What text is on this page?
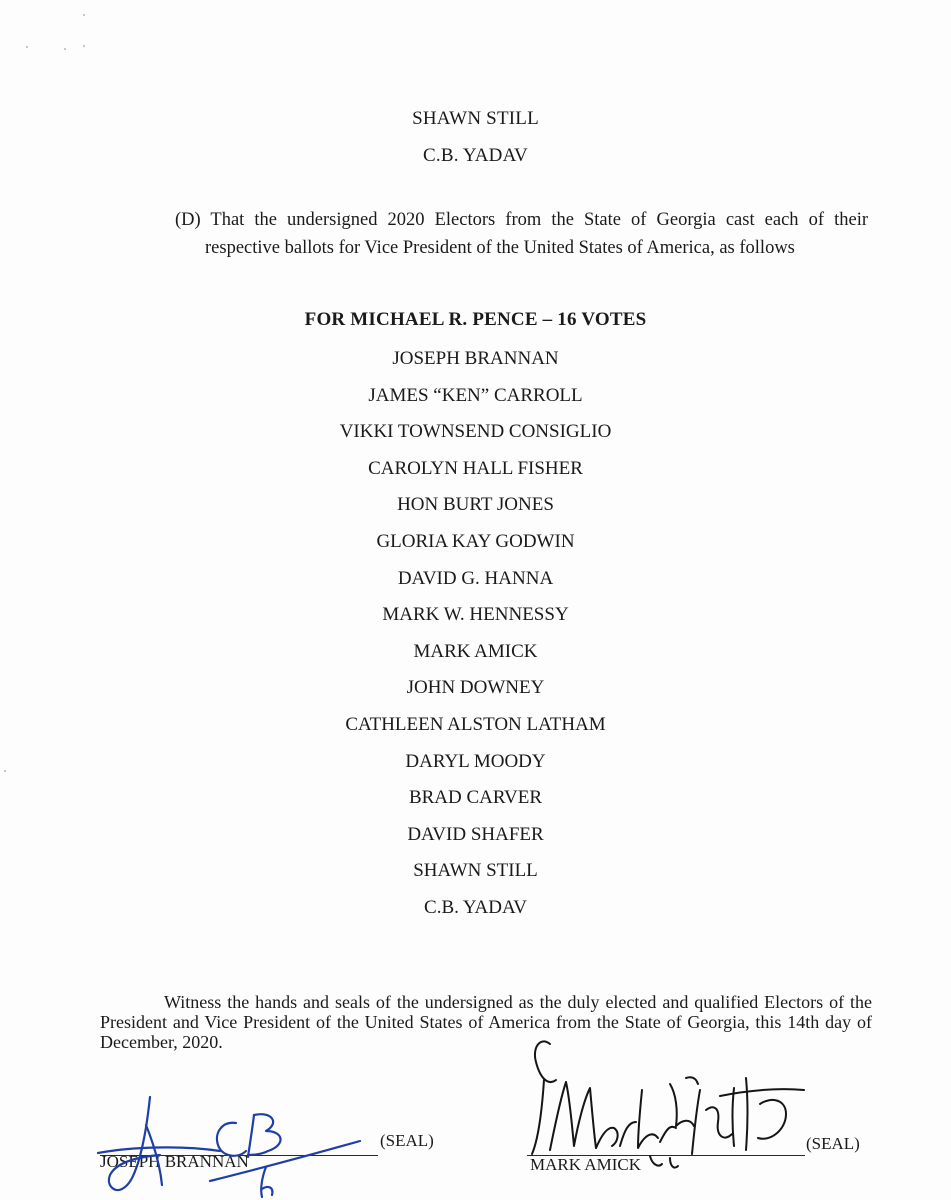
SHAWN STILL
C.B. YADAV
(D) That the undersigned 2020 Electors from the State of Georgia cast each of their
respective ballots for Vice President of the United States of America, as follows
FOR MICHAEL R. PENCE – 16 VOTES
JOSEPH BRANNAN
JAMES “KEN” CARROLL
VIKKI TOWNSEND CONSIGLIO
CAROLYN HALL FISHER
HON BURT JONES
GLORIA KAY GODWIN
DAVID G. HANNA
MARK W. HENNESSY
MARK AMICK
JOHN DOWNEY
CATHLEEN ALSTON LATHAM
DARYL MOODY
BRAD CARVER
DAVID SHAFER
SHAWN STILL
C.B. YADAV
Witness the hands and seals of the undersigned as the duly elected and qualified Electors of the
President and Vice President of the United States of America from the State of Georgia, this 14th day of
December, 2020.
(SEAL)
JOSEPH BRANNAN
(SEAL)
MARK AMICK
